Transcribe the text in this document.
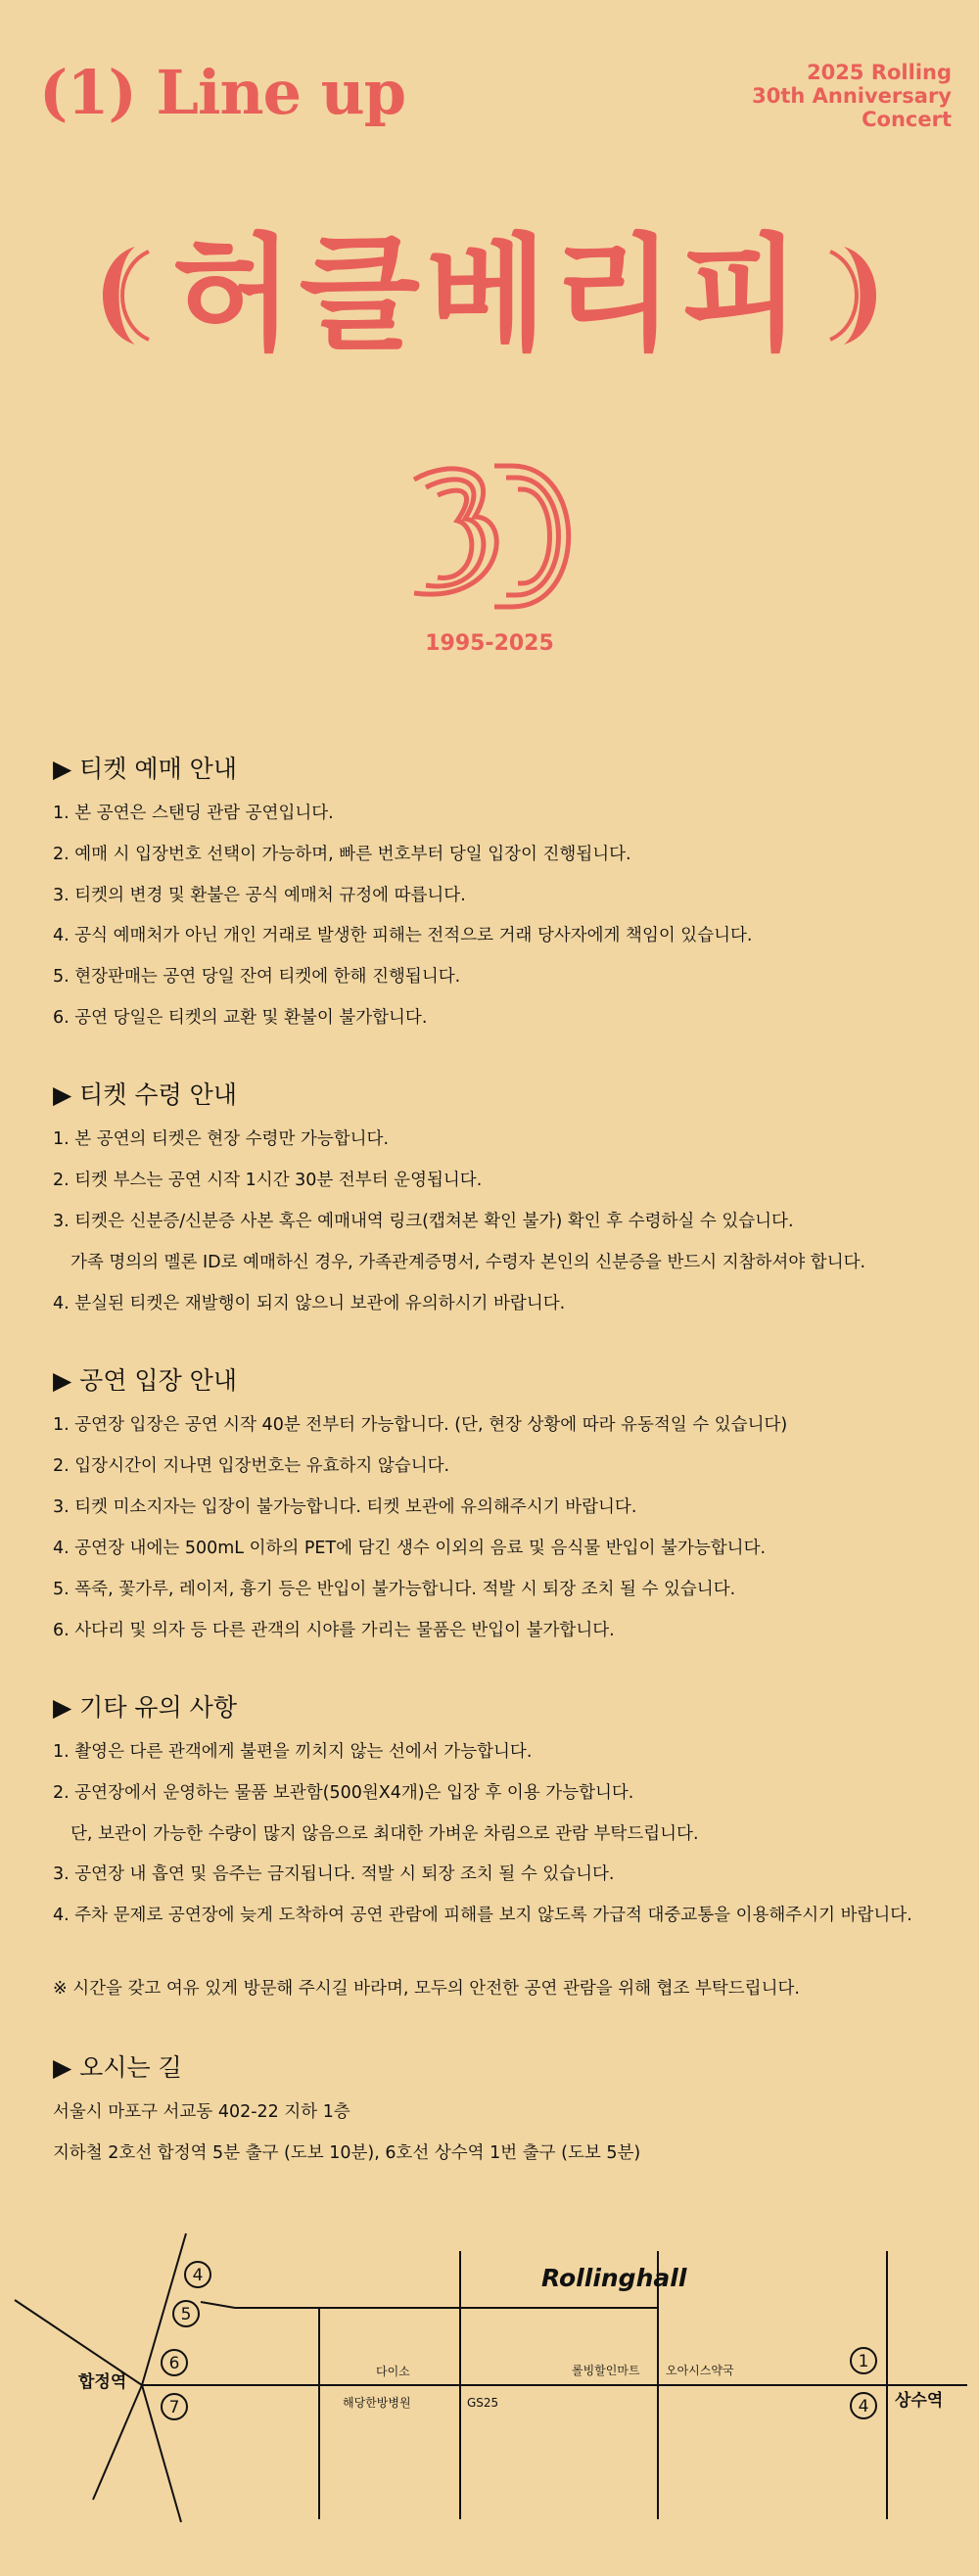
(1) Line up	2025 Rolling
30th Anniversary
Concert
허클베리피
1995-2025
▶ 티켓 예매 안내
1. 본 공연은 스탠딩 관람 공연입니다.
2. 예매 시 입장번호 선택이 가능하며, 빠른 번호부터 당일 입장이 진행됩니다.
3. 티켓의 변경 및 환불은 공식 예매처 규정에 따릅니다.
4. 공식 예매처가 아닌 개인 거래로 발생한 피해는 전적으로 거래 당사자에게 책임이 있습니다.
5. 현장판매는 공연 당일 잔여 티켓에 한해 진행됩니다.
6. 공연 당일은 티켓의 교환 및 환불이 불가합니다.
▶ 티켓 수령 안내
1. 본 공연의 티켓은 현장 수령만 가능합니다.
2. 티켓 부스는 공연 시작 1시간 30분 전부터 운영됩니다.
3. 티켓은 신분증/신분증 사본 혹은 예매내역 링크(캡쳐본 확인 불가) 확인 후 수령하실 수 있습니다.
가족 명의의 멜론 ID로 예매하신 경우, 가족관계증명서, 수령자 본인의 신분증을 반드시 지참하셔야 합니다.
4. 분실된 티켓은 재발행이 되지 않으니 보관에 유의하시기 바랍니다.
▶ 공연 입장 안내
1. 공연장 입장은 공연 시작 40분 전부터 가능합니다. (단, 현장 상황에 따라 유동적일 수 있습니다)
2. 입장시간이 지나면 입장번호는 유효하지 않습니다.
3. 티켓 미소지자는 입장이 불가능합니다. 티켓 보관에 유의해주시기 바랍니다.
4. 공연장 내에는 500mL 이하의 PET에 담긴 생수 이외의 음료 및 음식물 반입이 불가능합니다.
5. 폭죽, 꽃가루, 레이저, 흉기 등은 반입이 불가능합니다. 적발 시 퇴장 조치 될 수 있습니다.
6. 사다리 및 의자 등 다른 관객의 시야를 가리는 물품은 반입이 불가합니다.
▶ 기타 유의 사항
1. 촬영은 다른 관객에게 불편을 끼치지 않는 선에서 가능합니다.
2. 공연장에서 운영하는 물품 보관함(500원X4개)은 입장 후 이용 가능합니다.
단, 보관이 가능한 수량이 많지 않음으로 최대한 가벼운 차림으로 관람 부탁드립니다.
3. 공연장 내 흡연 및 음주는 금지됩니다. 적발 시 퇴장 조치 될 수 있습니다.
4. 주차 문제로 공연장에 늦게 도착하여 공연 관람에 피해를 보지 않도록 가급적 대중교통을 이용해주시기 바랍니다.
※ 시간을 갖고 여유 있게 방문해 주시길 바라며, 모두의 안전한 공연 관람을 위해 협조 부탁드립니다.
▶ 오시는 길
서울시 마포구 서교동 402-22 지하 1층
지하철 2호선 합정역 5분 출구 (도보 10분), 6호선 상수역 1번 출구 (도보 5분)
4
5
6
7
1
4
Rollinghall
합정역
상수역
다이소
해당한방병원	GS25
롤빙할인마트 오아시스약국
